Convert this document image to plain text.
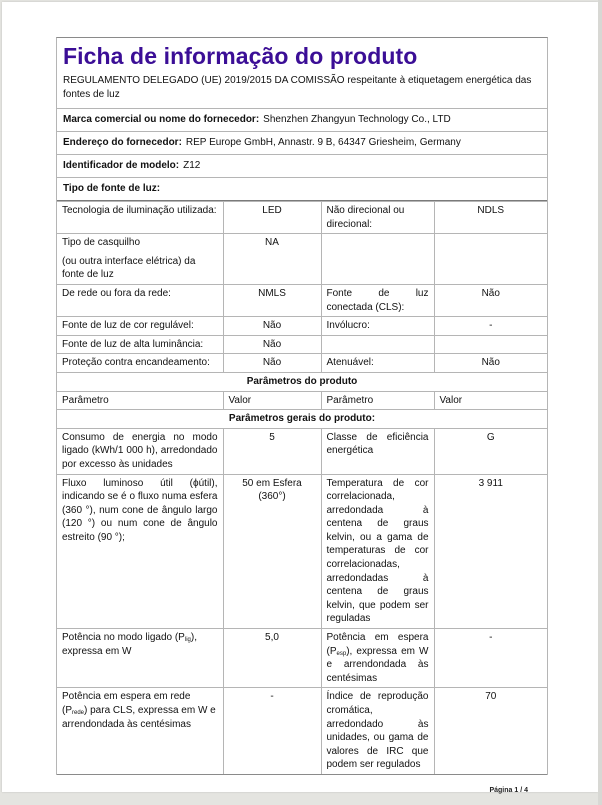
Ficha de informação do produto
REGULAMENTO DELEGADO (UE) 2019/2015 DA COMISSÃO respeitante à etiquetagem energética das fontes de luz
Marca comercial ou nome do fornecedor: Shenzhen Zhangyun Technology Co., LTD
Endereço do fornecedor: REP Europe GmbH, Annastr. 9 B, 64347 Griesheim, Germany
Identificador de modelo: Z12
Tipo de fonte de luz:
Tecnologia de iluminação utilizada:	LED	Não direcional ou direcional:	NDLS

Tipo de casquilho
(ou outra interface elétrica) da fonte de luz	NA		
De rede ou fora da rede:	NMLS	Fonte de luz conectada (CLS):	Não
Fonte de luz de cor regulável:	Não	Invólucro:	-
Fonte de luz de alta luminância:	Não		
Proteção contra encandeamento:	Não	Atenuável:	Não
Parâmetros do produto			
Parâmetro	Valor	Parâmetro	Valor
Parâmetros gerais do produto:			
Consumo de energia no modo ligado (kWh/1 000 h), arredondado por excesso às unidades	5	Classe de eficiência energética	G
Fluxo luminoso útil (ϕútil), indicando se é o fluxo numa esfera (360 °), num cone de ângulo largo (120 °) ou num cone de ângulo estreito (90 °);	50 em Esfera (360°)	Temperatura de cor correlacionada, arredondada à centena de graus kelvin, ou a gama de temperaturas de cor correlacionadas, arredondadas à centena de graus kelvin, que podem ser reguladas	3 911
Potência no modo ligado $(P_{lig})$, expressa em W	5,0	Potência em espera $(P_{esp})$, expressa em W e arrendondada às centésimas	-
Potência em espera em rede $(P_{rede})$ para CLS, expressa em W e arrendondada às centésimas	-	Índice de reprodução cromática, arredondado às unidades, ou gama de valores de IRC que podem ser regulados	70
Página 1 / 4
